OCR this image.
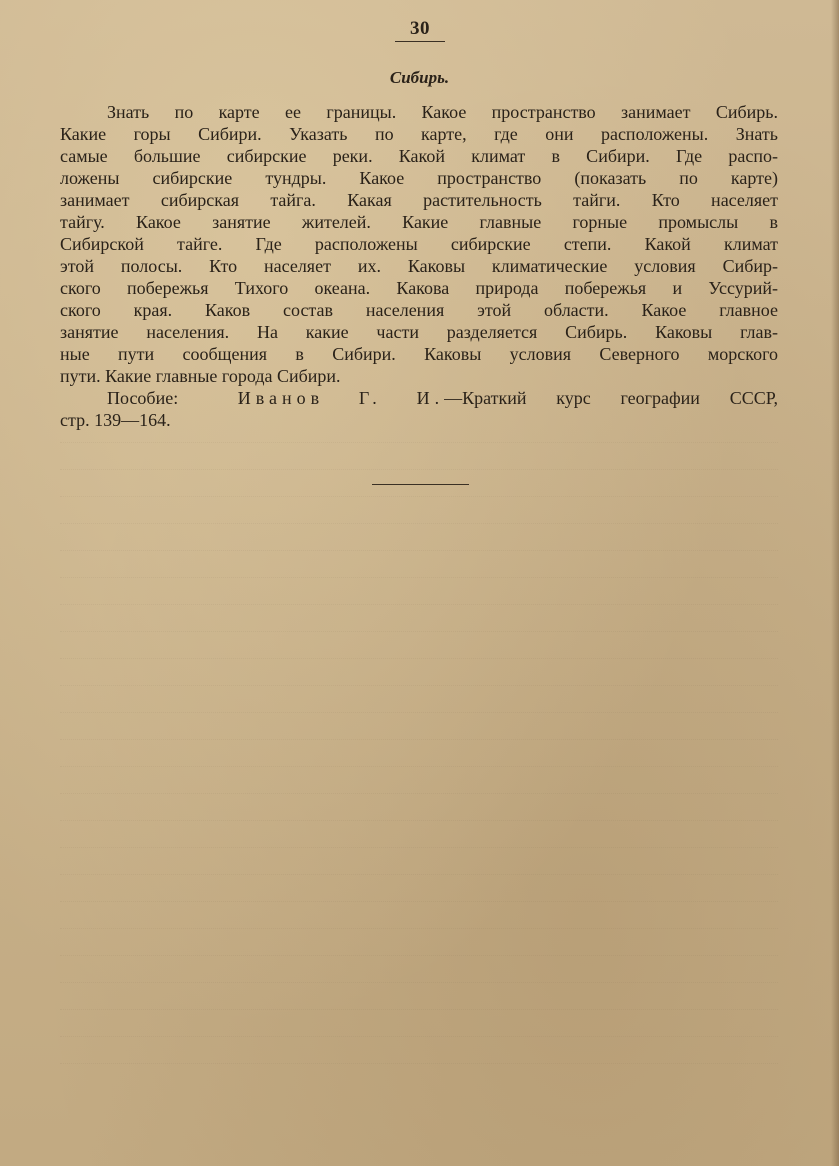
30
Сибирь.
Знать по карте ее границы. Какое пространство занимает Сибирь.
Какие горы Сибири. Указать по карте, где они расположены. Знать
самые большие сибирские реки. Какой климат в Сибири. Где распо-
ложены сибирские тундры. Какое пространство (показать по карте)
занимает сибирская тайга. Какая растительность тайги. Кто населяет
тайгу. Какое занятие жителей. Какие главные горные промыслы в
Сибирской тайге. Где расположены сибирские степи. Какой климат
этой полосы. Кто населяет их. Каковы климатические условия Сибир-
ского побережья Тихого океана. Какова природа побережья и Уссурий-
ского края. Каков состав населения этой области. Какое главное
занятие населения. На какие части разделяется Сибирь. Каковы глав-
ные пути сообщения в Сибири. Каковы условия Северного морского
пути. Какие главные города Сибири.
Пособие:	Иванов Г. И.—Краткий курс географии СССР,
стр. 139—164.
